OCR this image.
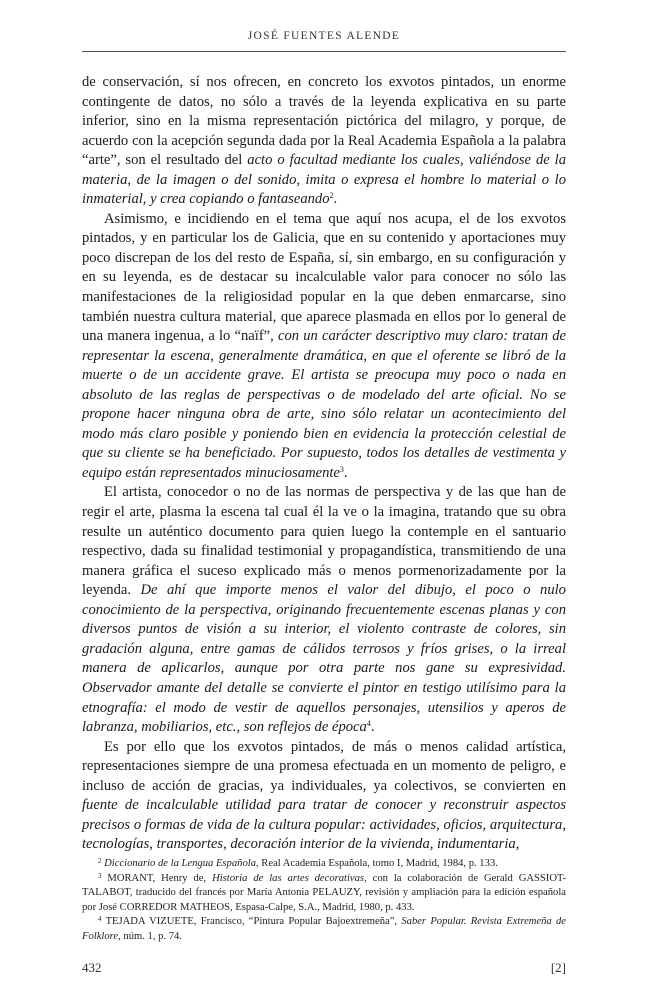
JOSÉ FUENTES ALENDE

de conservación, sí nos ofrecen, en concreto los exvotos pintados, un enorme contingente de datos, no sólo a través de la leyenda explicativa en su parte inferior, sino en la misma representación pictórica del milagro, y porque, de acuerdo con la acepción segunda dada por la Real Academia Española a la palabra “arte”, son el resultado del acto o facultad mediante los cuales, valiéndose de la materia, de la imagen o del sonido, imita o expresa el hombre lo material o lo inmaterial, y crea copiando o fantaseando$^2$.

Asimismo, e incidiendo en el tema que aquí nos acupa, el de los exvotos pintados, y en particular los de Galicia, que en su contenido y aportaciones muy poco discrepan de los del resto de España, sí, sin embargo, en su configuración y en su leyenda, es de destacar su incalculable valor para conocer no sólo las manifestaciones de la religiosidad popular en la que deben enmarcarse, sino también nuestra cultura material, que aparece plasmada en ellos por lo general de una manera ingenua, a lo “naïf”, con un carácter descriptivo muy claro: tratan de representar la escena, generalmente dramática, en que el oferente se libró de la muerte o de un accidente grave. El artista se preocupa muy poco o nada en absoluto de las reglas de perspectivas o de modelado del arte oficial. No se propone hacer ninguna obra de arte, sino sólo relatar un acontecimiento del modo más claro posible y poniendo bien en evidencia la protección celestial de que su cliente se ha beneficiado. Por supuesto, todos los detalles de vestimenta y equipo están representados minuciosamente$^3$.

El artista, conocedor o no de las normas de perspectiva y de las que han de regir el arte, plasma la escena tal cual él la ve o la imagina, tratando que su obra resulte un auténtico documento para quien luego la contemple en el santuario respectivo, dada su finalidad testimonial y propagandística, transmitiendo de una manera gráfica el suceso explicado más o menos pormenorizadamente por la leyenda. De ahí que importe menos el valor del dibujo, el poco o nulo conocimiento de la perspectiva, originando frecuentemente escenas planas y con diversos puntos de visión a su interior, el violento contraste de colores, sin gradación alguna, entre gamas de cálidos terrosos y fríos grises, o la irreal manera de aplicarlos, aunque por otra parte nos gane su expresividad. Observador amante del detalle se convierte el pintor en testigo utilísimo para la etnografía: el modo de vestir de aquellos personajes, utensilios y aperos de labranza, mobiliarios, etc., son reflejos de época$^4$.

Es por ello que los exvotos pintados, de más o menos calidad artística, representaciones siempre de una promesa efectuada en un momento de peligro, e incluso de acción de gracias, ya individuales, ya colectivos, se convierten en fuente de incalculable utilidad para tratar de conocer y reconstruir aspectos precisos o formas de vida de la cultura popular: actividades, oficios, arquitectura, tecnologías, transportes, decoración interior de la vivienda, indumentaria,

$^2$ Diccionario de la Lengua Española, Real Academia Española, tomo I, Madrid, 1984, p. 133.

$^3$ MORANT, Henry de, Historia de las artes decorativas, con la colaboración de Gerald GASSIOT-TALABOT, traducido del francés por María Antonia PELAUZY, revisión y ampliación para la edición española por José CORREDOR MATHEOS, Espasa-Calpe, S.A., Madrid, 1980, p. 433.

$^4$ TEJADA VIZUETE, Francisco, “Pintura Popular Bajoextremeña”, Saber Popular. Revista Extremeña de Folklore, núm. 1, p. 74.

432	[2]
